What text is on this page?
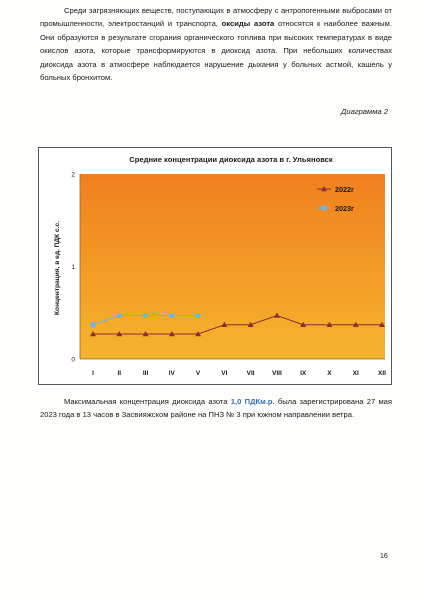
Среди загрязняющих веществ, поступающих в атмосферу с антропогенными выбросами от промышленности, электростанций и транспорта, оксиды азота относятся к наиболее важным. Они образуются в результате сгорания органического топлива при высоких температурах в виде окислов азота, которые трансформируются в диоксид азота. При небольших количествах диоксида азота в атмосфере наблюдается нарушение дыхания у больных астмой, кашель у больных бронхитом.
Диаграмма 2
Средние концентрации диоксида азота в г. Ульяновск
Концентрация, в ед. ПДК с.с.
0
1
2
I	II	III	IV	V	VI	VII	VIII	IX	X	XI	XII
2022г
2023г
Максимальная концентрация диоксида азота 1,0 ПДКм.р. была зарегистрирована 27 мая 2023 года в 13 часов в Засвияжском районе на ПНЗ № 3 при южном направлении ветра.
16
